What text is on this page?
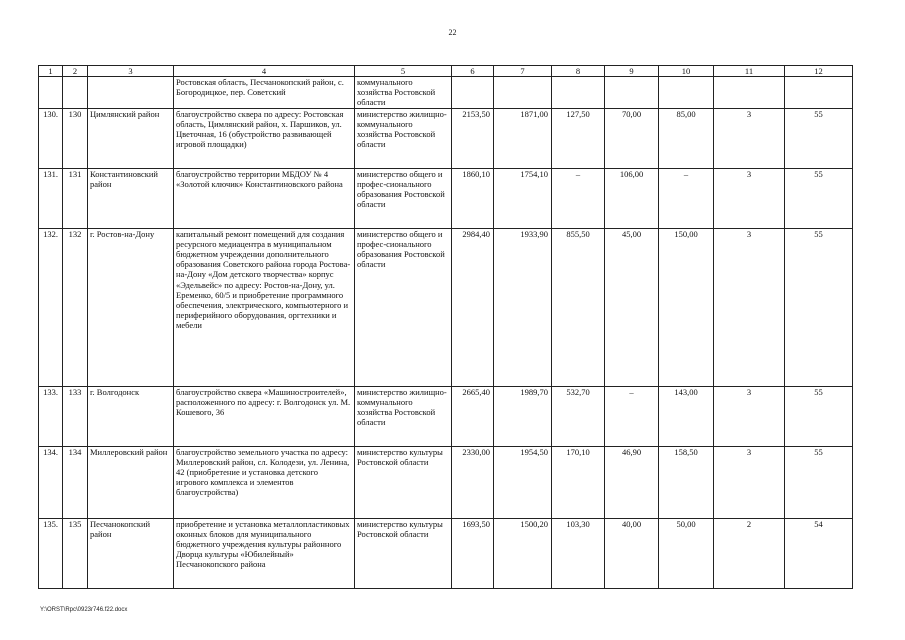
22
1	2	3	4	5	6	7	8	9	10	11	12
			Ростовская область, Песчанокопский район, с. Богородицкое, пер. Советский	коммунального хозяйства Ростовской области							
130.	130	Цимлянский район	благоустройство сквера по адресу: Ростовская область, Цимлянский район, х. Паршиков, ул. Цветочная, 16 (обустройство развивающей игровой площадки)	министерство жилищно-коммунального хозяйства Ростовской области	2153,50	1871,00	127,50	70,00	85,00	3	55
131.	131	Константиновский район	благоустройство территории МБДОУ № 4 «Золотой ключик» Константиновского района	министерство общего и профес-сионального образования Ростовской области	1860,10	1754,10	–	106,00	–	3	55
132.	132	г. Ростов-на-Дону	капитальный ремонт помещений для создания ресурсного медиацентра в муниципальном бюджетном учреждении дополнительного образования Советского района города Ростова-на-Дону «Дом детского творчества» корпус «Эдельвейс» по адресу: Ростов-на-Дону, ул. Еременко, 60/5 и приобретение программного обеспечения, электрического, компьютерного и периферийного оборудования, оргтехники и мебели	министерство общего и профес-сионального образования Ростовской области	2984,40	1933,90	855,50	45,00	150,00	3	55
133.	133	г. Волгодонск	благоустройство сквера «Машиностроителей», расположенного по адресу: г. Волгодонск ул. М. Кошевого, 36	министерство жилищно-коммунального хозяйства Ростовской области	2665,40	1989,70	532,70	–	143,00	3	55
134.	134	Миллеровский район	благоустройство земельного участка по адресу: Миллеровский район, сл. Колодези, ул. Ленина, 42 (приобретение и установка детского игрового комплекса и элементов благоустройства)	министерство культуры Ростовской области	2330,00	1954,50	170,10	46,90	158,50	3	55
135.	135	Песчанокопский район	приобретение и установка металлопластиковых оконных блоков для муниципального бюджетного учреждения культуры районного Дворца культуры «Юбилейный» Песчанокопского района	министерство культуры Ростовской области	1693,50	1500,20	103,30	40,00	50,00	2	54
Y:\ORST\Rpc\0923r746.f22.docx
